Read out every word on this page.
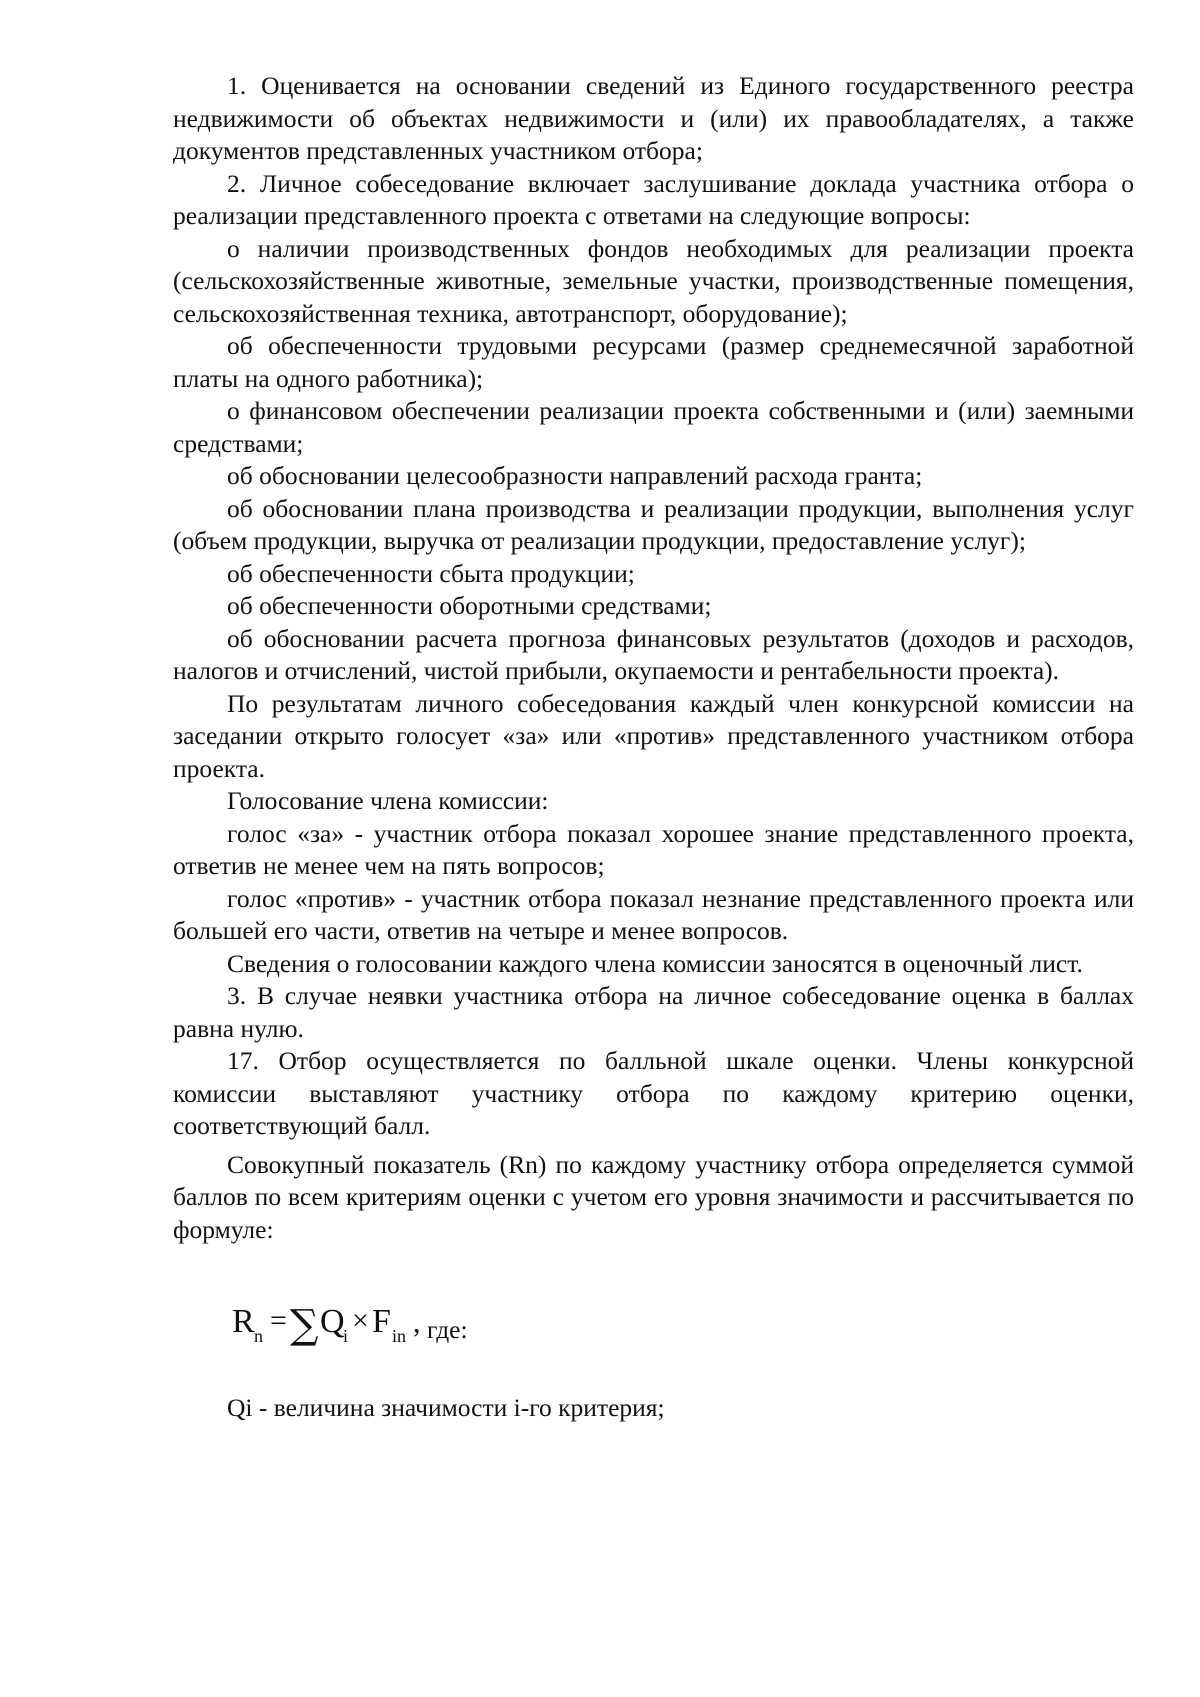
1. Оценивается на основании сведений из Единого государственного реестра недвижимости об объектах недвижимости и (или) их правообладателях, а также документов представленных участником отбора;

2. Личное собеседование включает заслушивание доклада участника отбора о реализации представленного проекта с ответами на следующие вопросы:

о наличии производственных фондов необходимых для реализации проекта (сельскохозяйственные животные, земельные участки, производственные помещения, сельскохозяйственная техника, автотранспорт, оборудование);

об обеспеченности трудовыми ресурсами (размер среднемесячной заработной платы на одного работника);

о финансовом обеспечении реализации проекта собственными и (или) заемными средствами;

об обосновании целесообразности направлений расхода гранта;

об обосновании плана производства и реализации продукции, выполнения услуг (объем продукции, выручка от реализации продукции, предоставление услуг);

об обеспеченности сбыта продукции;

об обеспеченности оборотными средствами;

об обосновании расчета прогноза финансовых результатов (доходов и расходов, налогов и отчислений, чистой прибыли, окупаемости и рентабельности проекта).

По результатам личного собеседования каждый член конкурсной комиссии на заседании открыто голосует «за» или «против» представленного участником отбора проекта.

Голосование члена комиссии:

голос «за» - участник отбора показал хорошее знание представленного проекта, ответив не менее чем на пять вопросов;

голос «против» - участник отбора показал незнание представленного проекта или большей его части, ответив на четыре и менее вопросов.

Сведения о голосовании каждого члена комиссии заносятся в оценочный лист.

3. В случае неявки участника отбора на личное собеседование оценка в баллах равна нулю.

17. Отбор осуществляется по балльной шкале оценки. Члены конкурсной комиссии выставляют участнику отбора по каждому критерию оценки, соответствующий балл.

Совокупный показатель (Rn) по каждому участнику отбора определяется суммой баллов по всем критериям оценки с учетом его уровня значимости и рассчитывается по формуле:

R n = ∑ Q
i × F in , где:

Qi - величина значимости i-го критерия;
